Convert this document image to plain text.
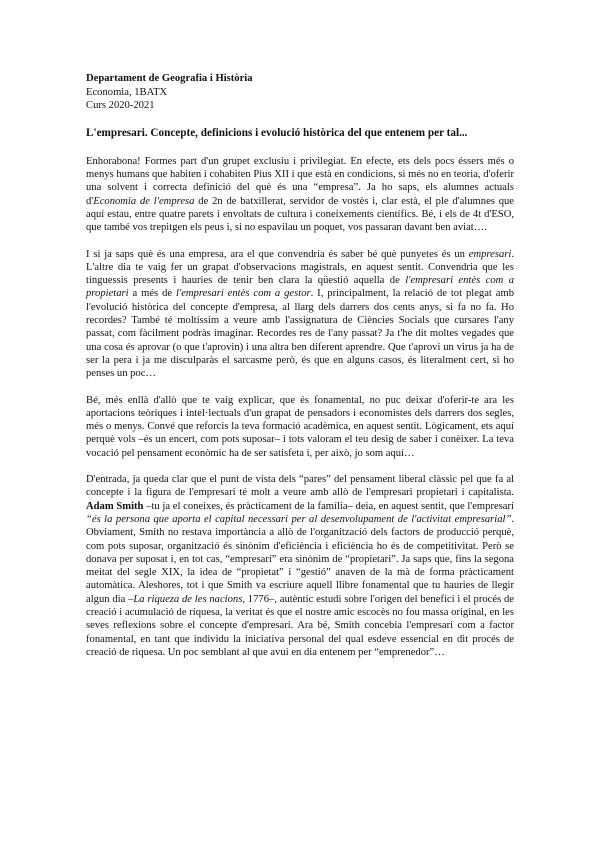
Departament de Geografia i Història
Economia, 1BATX
Curs 2020-2021
L'empresari. Concepte, definicions i evolució històrica del que entenem per tal...

Enhorabona! Formes part d'un grupet exclusiu i privilegiat. En efecte, ets dels pocs éssers més o menys humans que habiten i cohabiten Pius XII i que està en condicions, si més no en teoria, d'oferir una solvent i correcta definició del què és una “empresa”. Ja ho saps, els alumnes actuals d'Economia de l'empresa de 2n de batxillerat, servidor de vostès i, clar està, el ple d'alumnes que aquí estau, entre quatre parets i envoltats de cultura i coneixements científics. Bé, i els de 4t d'ESO, que també vos trepitgen els peus i, si no espavilau un poquet, vos passaran davant ben aviat….

I si ja saps què és una empresa, ara el que convendria és saber bé què punyetes és un empresari. L'altre dia te vaig fer un grapat d'observacions magistrals, en aquest sentit. Convendria que les tinguessis presents i hauries de tenir ben clara la qüestió aquella de l'empresari entès com a propietari a més de l'empresari entès com a gestor. I, principalment, la relació de tot plegat amb l'evolució històrica del concepte d'empresa, al llarg dels darrers dos cents anys, si fa no fa. Ho recordes? També té moltíssim a veure amb l'assignatura de Ciències Socials que cursares l'any passat, com fàcilment podràs imaginar. Recordes res de l'any passat? Ja t'he dit moltes vegades que una cosa és aprovar (o que t'aprovin) i una altra ben diferent aprendre. Que t'aprovi un virus ja ha de ser la pera i ja me disculparàs el sarcasme però, és que en alguns casos, és literalment cert, si ho penses un poc…

Bé, més enllà d'allò que te vaig explicar, que és fonamental, no puc deixar d'oferir-te ara les aportacions teòriques i intel·lectuals d'un grapat de pensadors i economistes dels darrers dos segles, més o menys. Convé que reforcis la teva formació acadèmica, en aquest sentit. Lògicament, ets aquí perquè vols –és un encert, com pots suposar– i tots valoram el teu desig de saber i conèixer. La teva vocació pel pensament econòmic ha de ser satisfeta i, per això, jo som aquí…

D'entrada, ja queda clar que el punt de vista dels “pares” del pensament liberal clàssic pel que fa al concepte i la figura de l'empresari té molt a veure amb allò de l'empresari propietari i capitalista. Adam Smith –tu ja el coneixes, és pràcticament de la família– deia, en aquest sentit, que l'empresari “és la persona que aporta el capital necessari per al desenvolupament de l'activitat empresarial”. Obviament, Smith no restava importància a allò de l'organització dels factors de producció perquè, com pots suposar, organització és sinònim d'eficiència i eficiència ho és de competitivitat. Però se donava per suposat i, en tot cas, “empresari” era sinònim de “propietari”. Ja saps que, fins la segona meitat del segle XIX, la idea de “propietat” i “gestió” anaven de la mà de forma pràcticament automàtica. Aleshores, tot i que Smith va escriure aquell llibre fonamental que tu hauries de llegir algun dia –La riqueza de les nacions, 1776–, autèntic estudi sobre l'origen del benefici i el procés de creació i acumulació de riquesa, la veritat és que el nostre amic escocès no fou massa original, en les seves reflexions sobre el concepte d'empresari. Ara bé, Smith concebia l'empresari com a factor fonamental, en tant que individu la iniciativa personal del qual esdeve essencial en dit procés de creació de riquesa. Un poc semblant al que avui en dia entenem per “emprenedor”…
